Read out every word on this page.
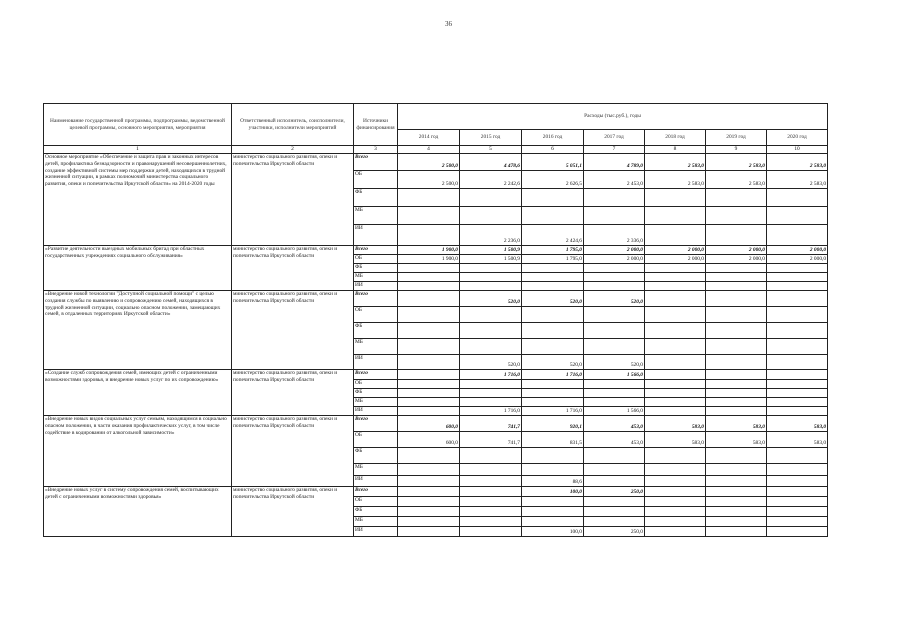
36
Наименование государственной программы, подпрограммы, ведомственной целевой программы, основного мероприятия, мероприятия	Ответственный исполнитель, соисполнители, участники, исполнители мероприятий	Источники финансирования	Расходы (тыс.руб.), годы						
			2014 год	2015 год	2016 год	2017 год	2018 год	2019 год	2020 год
1	2	3	4	5	6	7	8	9	10
Основное мероприятие «Обеспечение и защита прав и законных интересов детей, профилактика безнадзорности и правонарушений несовершеннолетних, создание эффективной системы мер поддержки детей, находящихся в трудной жизненной ситуации, в рамках полномочий министерства социального развития, опеки и попечительства Иркутской области» на 2014-2020 годы	министерство социального развития, опеки и попечительства Иркутской области	Всего	2 500,0	4 478,6	5 051,1	4 789,0	2 583,0	2 583,0	2 583,0
		ОБ	2 500,0	2 242,6	2 626,5	2 453,0	2 583,0	2 583,0	2 583,0
		ФБ							
		МБ							
		ИИ		2 236,0	2 424,6	2 336,0			
«Развитие деятельности выездных мобильных бригад при областных государственных учреждениях социального обслуживания»	министерство социального развития, опеки и попечительства Иркутской области	Всего	1 900,0	1 500,9	1 795,0	2 000,0	2 000,0	2 000,0	2 000,0
		ОБ	1 900,0	1 500,9	1 795,0	2 000,0	2 000,0	2 000,0	2 000,0
		ФБ							
		МБ							
		ИИ							
«Внедрение новой технологии "Доступной социальной помощи" с целью создания службы по выявлению и сопровождению семей, находящихся в трудной жизненной ситуации, социально опасном положении, замещающих семей, в отдаленных территориях Иркутской области»	министерство социального развития, опеки и попечительства Иркутской области	Всего		520,0	520,0	520,0			
		ОБ							
		ФБ							
		МБ							
		ИИ		520,0	520,0	520,0			
«Создание служб сопровождения семей, имеющих детей с ограниченными возможностями здоровья, и внедрение новых услуг по их сопровождению»	министерство социального развития, опеки и попечительства Иркутской области	Всего		1 716,0	1 716,0	1 566,0			
		ОБ							
		ФБ							
		МБ							
		ИИ		1 716,0	1 716,0	1 566,0			
«Внедрение новых видов социальных услуг семьям, находящимся в социально опасном положении, в части оказания профилактических услуг, в том числе содействие в кодировании от алкогольной зависимости»	министерство социального развития, опеки и попечительства Иркутской области	Всего	600,0	741,7	920,1	453,0	583,0	583,0	583,0
		ОБ	600,0	741,7	831,5	453,0	583,0	583,0	583,0
		ФБ							
		МБ							
		ИИ			88,6				
«Внедрение новых услуг в систему сопровождения семей, воспитывающих детей с ограниченными возможностями здоровья»	министерство социального развития, опеки и попечительства Иркутской области	Всего			100,0	250,0			
		ОБ							
		ФБ							
		МБ							
		ИИ			100,0	250,0			
